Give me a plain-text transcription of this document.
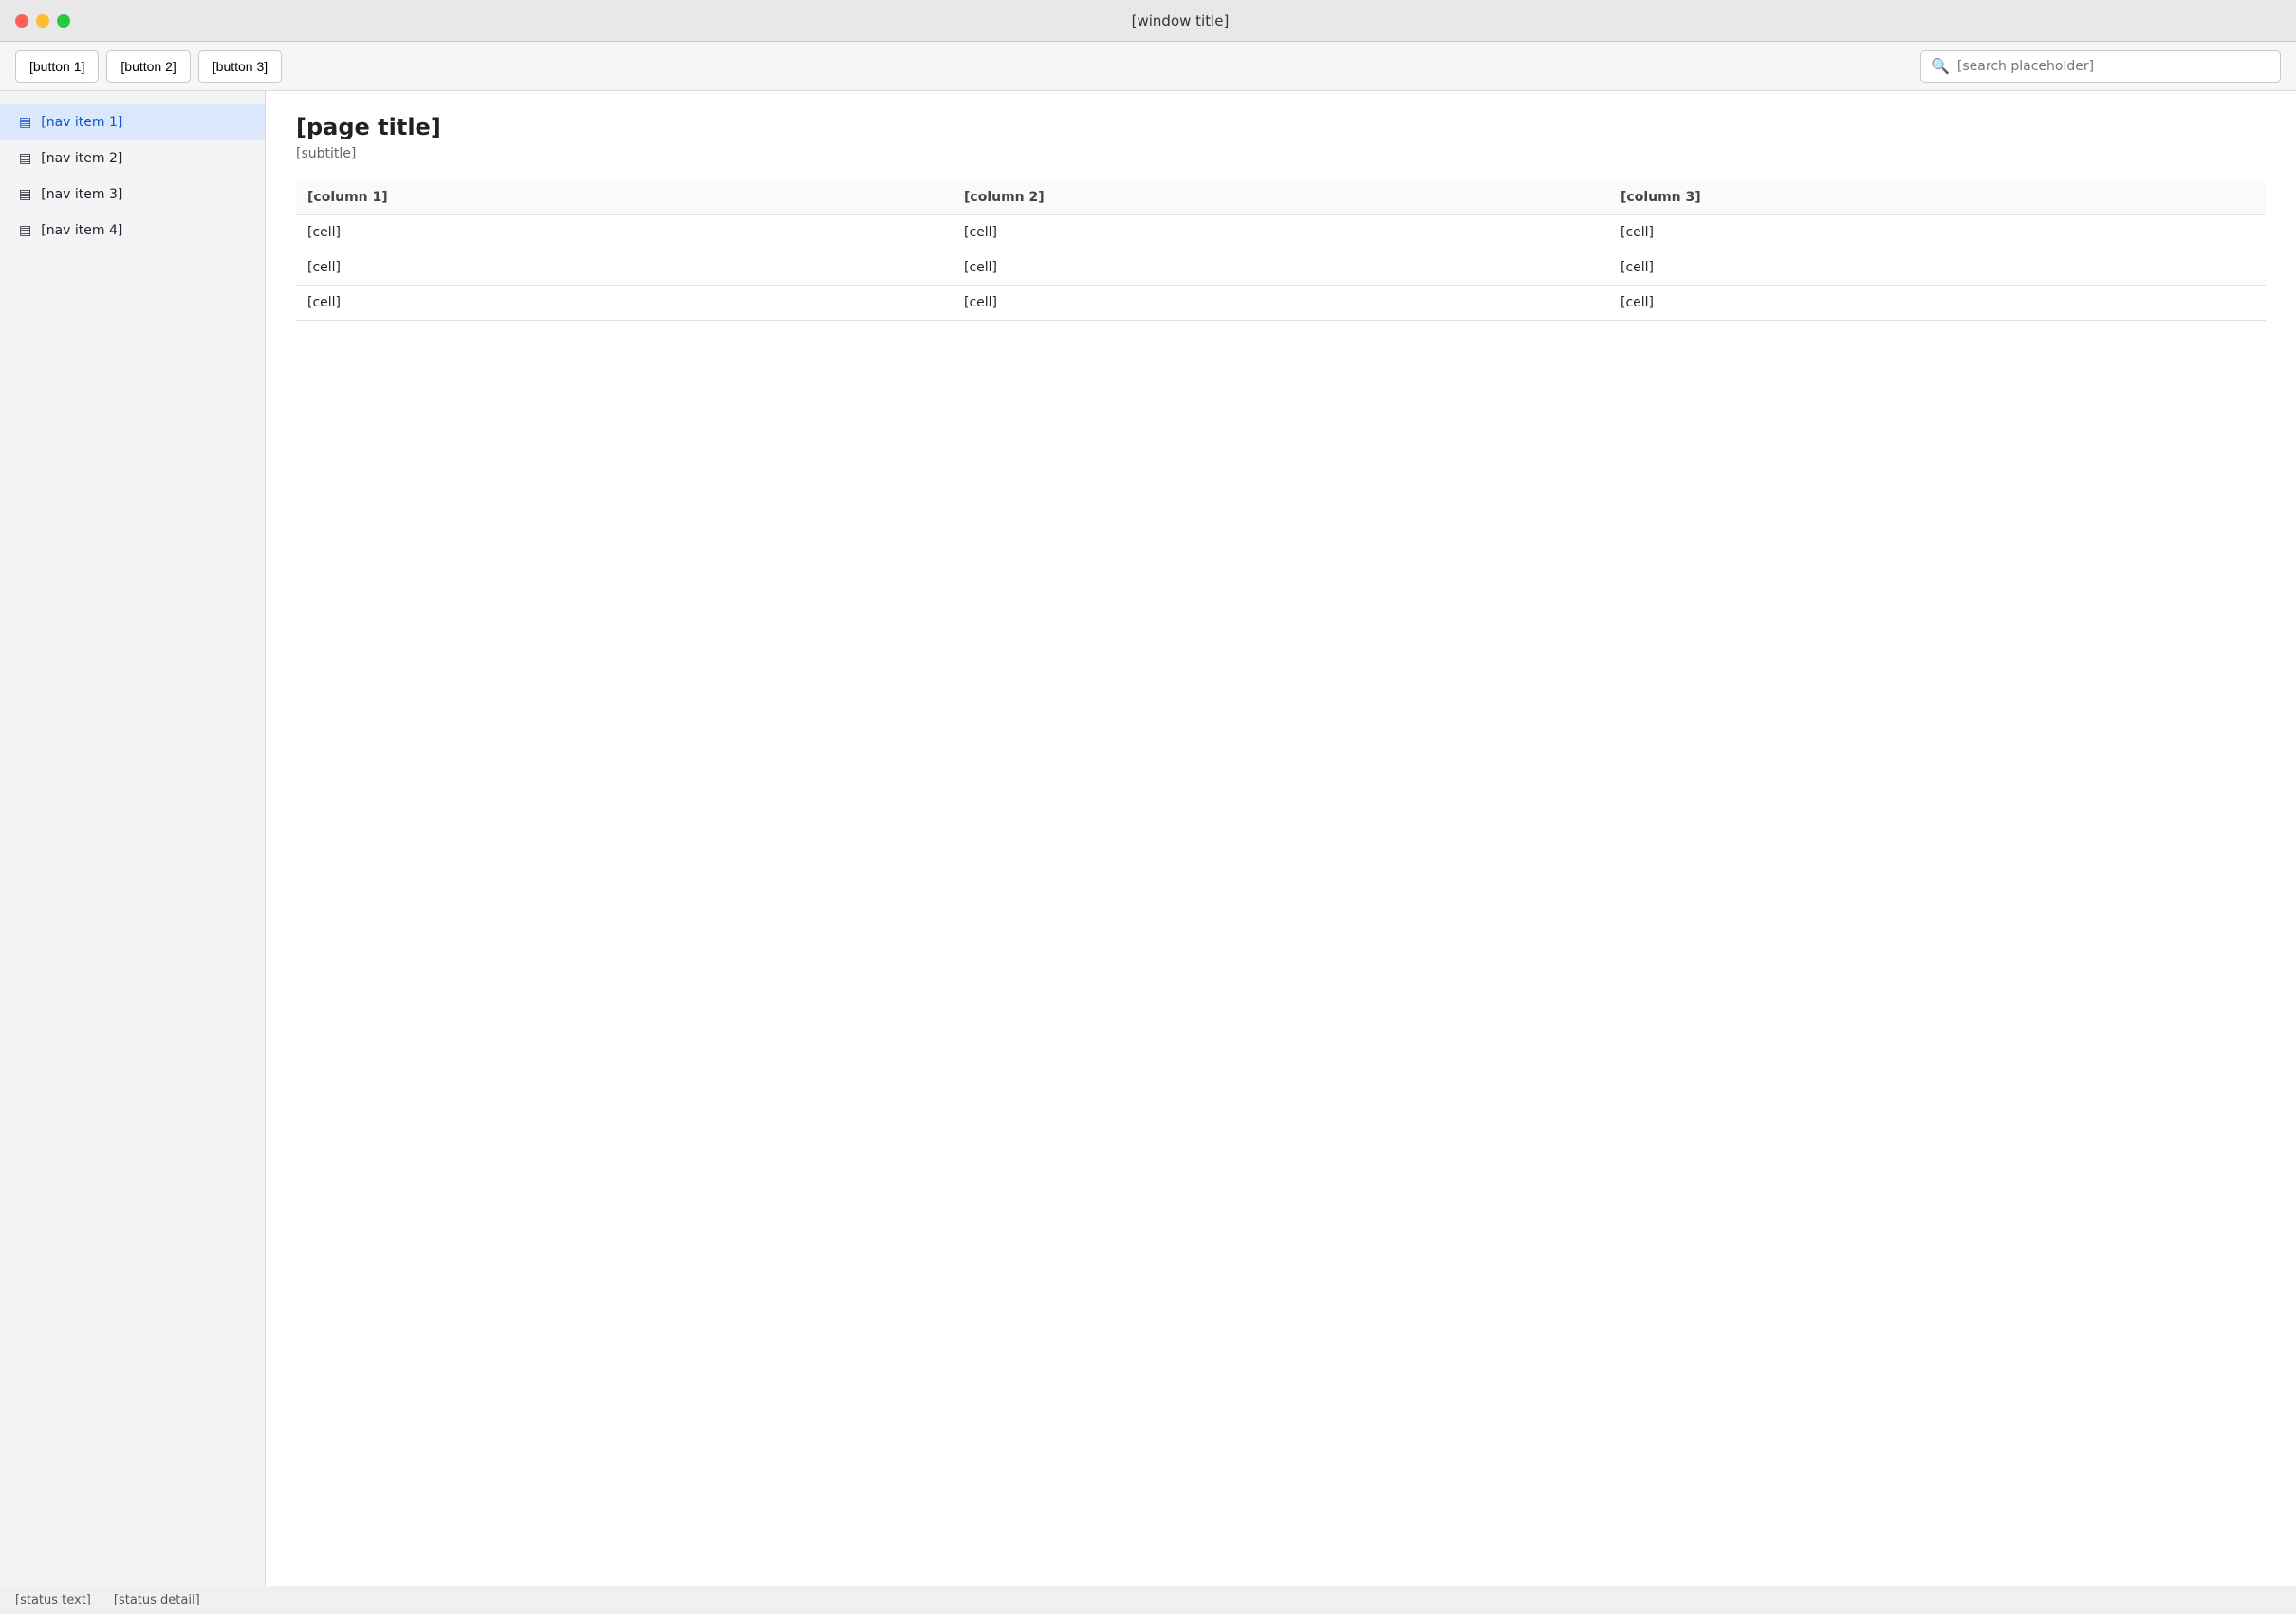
[window title]
[button 1]	[button 2]	[button 3]	🔍
[search placeholder]
▤ [nav item 1]
▤ [nav item 2]
▤ [nav item 3]
▤ [nav item 4]
[page title]

[subtitle]

[column 1]	[column 2]	[column 3]
[cell]	[cell]	[cell]
[cell]	[cell]	[cell]
[cell]	[cell]	[cell]
[status text] [status detail]
